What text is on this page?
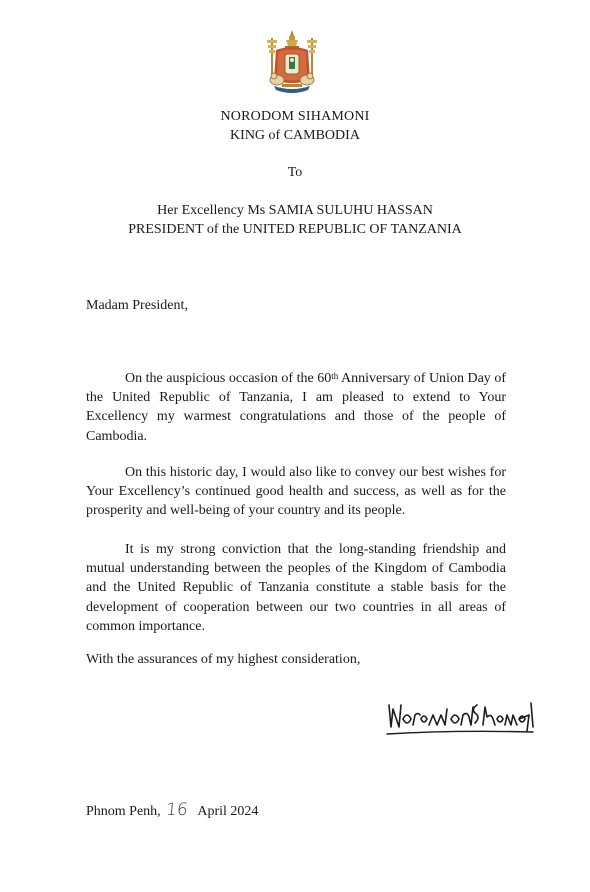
NORODOM SIHAMONI
KING of CAMBODIA
To
Her Excellency Ms SAMIA SULUHU HASSAN
PRESIDENT of the UNITED REPUBLIC OF TANZANIA
Madam President,

On the auspicious occasion of the 60th Anniversary of Union Day of the United Republic of Tanzania, I am pleased to extend to Your Excellency my warmest congratulations and those of the people of Cambodia.

On this historic day, I would also like to convey our best wishes for Your Excellency’s continued good health and success, as well as for the prosperity and well-being of your country and its people.

It is my strong conviction that the long-standing friendship and mutual understanding between the peoples of the Kingdom of Cambodia and the United Republic of Tanzania constitute a stable basis for the development of cooperation between our two countries in all areas of common importance.

With the assurances of my highest consideration,
Phnom Penh, 16 April 2024
